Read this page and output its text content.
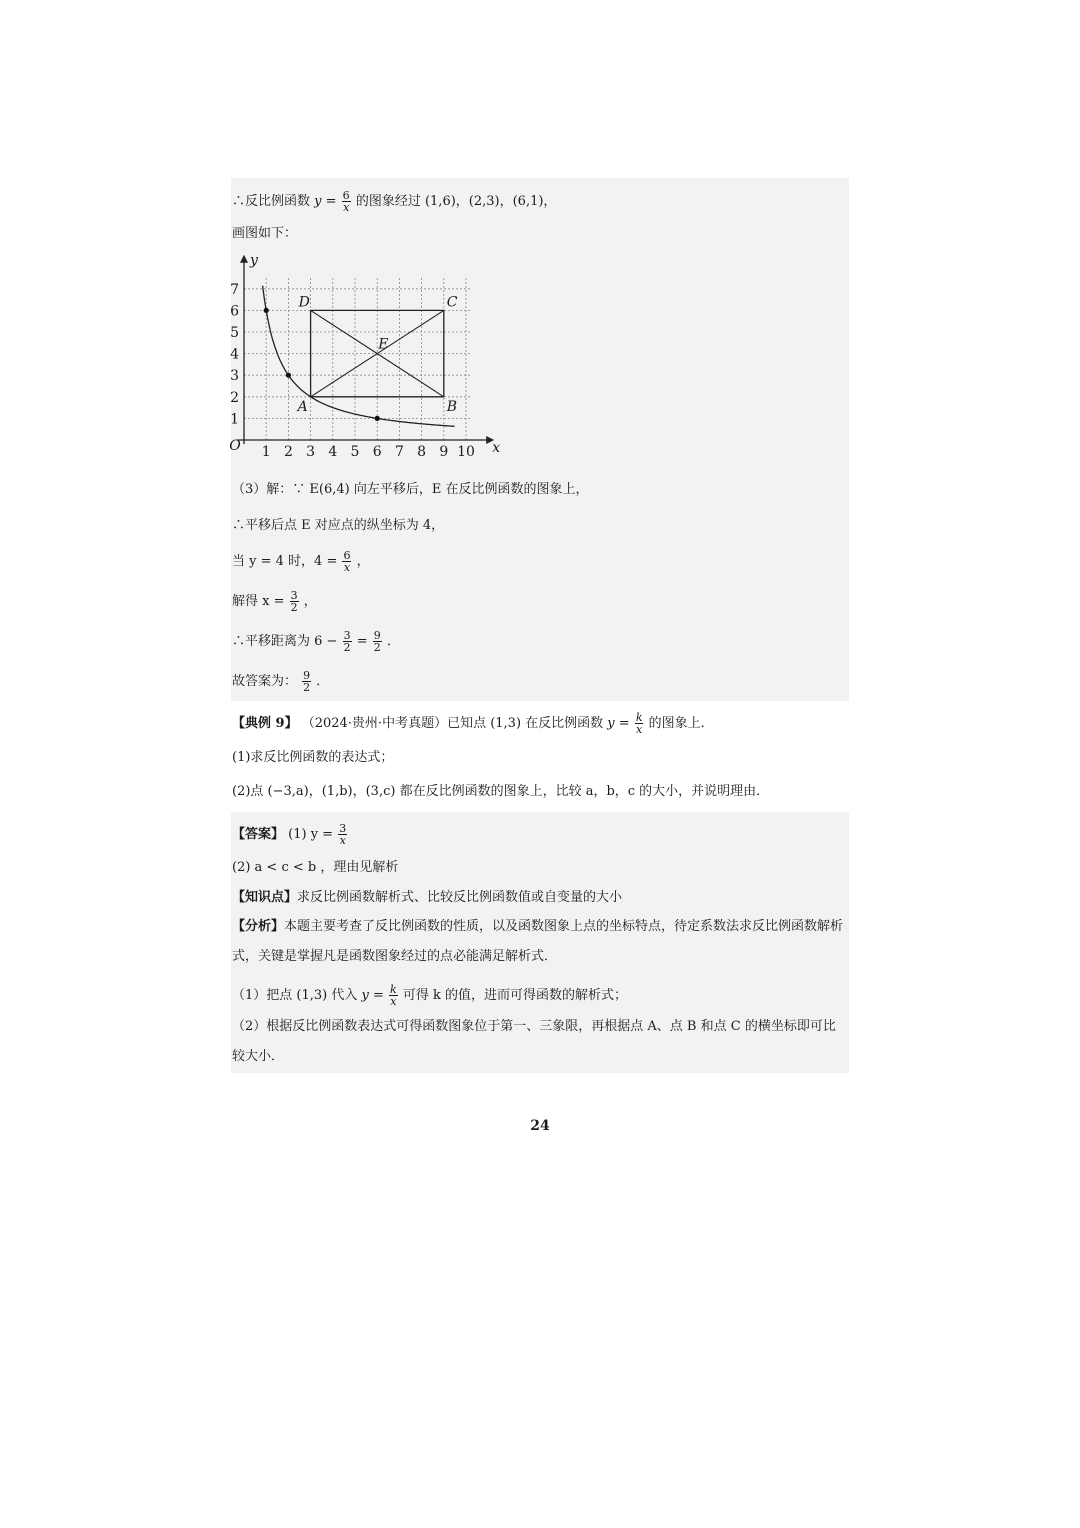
∴反比例函数 $y = \frac{6}{x}$ 的图象经过 (1,6)，(2,3)，(6,1)，
画图如下：
1 2 3 4 5 6 7 8 9 10
1
2
3
4
5
6
7
x
y
O
A	B
C
D
E
（3）解：∵ E(6,4) 向左平移后，E 在反比例函数的图象上，
∴平移后点 E 对应点的纵坐标为 4，
当 y = 4 时，$4 = \frac{6}{x}$ ，
解得 $x = \frac{3}{2}$ ，
∴平移距离为 $6 - \frac{3}{2} = \frac{9}{2}$ ．
故答案为： $\frac{9}{2}$ ．
【典例 9】 （2024·贵州·中考真题）已知点 (1,3) 在反比例函数 $y = \frac{k}{x}$ 的图象上．
(1)求反比例函数的表达式；
(2)点 (−3,a)，(1,b)，(3,c) 都在反比例函数的图象上，比较 a，b，c 的大小，并说明理由．
【答案】 (1) $y = \frac{3}{x}$
(2) a < c < b ，理由见解析
【知识点】求反比例函数解析式、比较反比例函数值或自变量的大小
【分析】本题主要考查了反比例函数的性质，以及函数图象上点的坐标特点，待定系数法求反比例函数解析式，关键是掌握凡是函数图象经过的点必能满足解析式．
（1）把点 (1,3) 代入 $y = \frac{k}{x}$ 可得 k 的值，进而可得函数的解析式；
（2）根据反比例函数表达式可得函数图象位于第一、三象限，再根据点 A、点 B 和点 C 的横坐标即可比较大小．
24
